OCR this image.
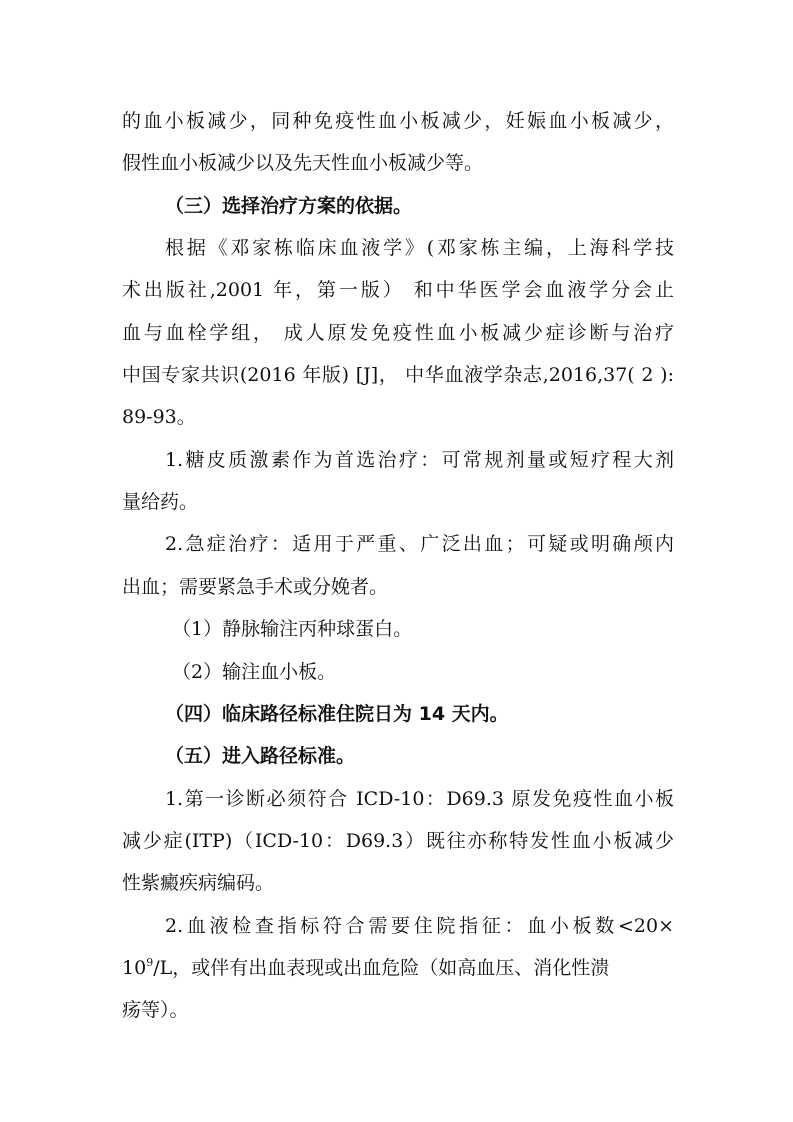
的血小板减少，同种免疫性血小板减少，妊娠血小板减少，
假性血小板减少以及先天性血小板减少等。
（三）选择治疗方案的依据。
根据《邓家栋临床血液学》(邓家栋主编，上海科学技
术出版社,2001 年，第一版） 和中华医学会血液学分会止
血与血栓学组， 成人原发免疫性血小板减少症诊断与治疗
中国专家共识(2016 年版) [J]， 中华血液学杂志,2016,37( 2 ):
89-93。
1.糖皮质激素作为首选治疗：可常规剂量或短疗程大剂
量给药。
2.急症治疗：适用于严重、广泛出血；可疑或明确颅内
出血；需要紧急手术或分娩者。
（1）静脉输注丙种球蛋白。
（2）输注血小板。
（四）临床路径标准住院日为 14 天内。
（五）进入路径标准。
1.第一诊断必须符合 ICD-10：D69.3 原发免疫性血小板
减少症(ITP)（ICD-10：D69.3）既往亦称特发性血小板减少
性紫癜疾病编码。
2.血液检查指标符合需要住院指征：血小板数<20×
$10^9/L$，或伴有出血表现或出血危险（如高血压、消化性溃
疡等）。
